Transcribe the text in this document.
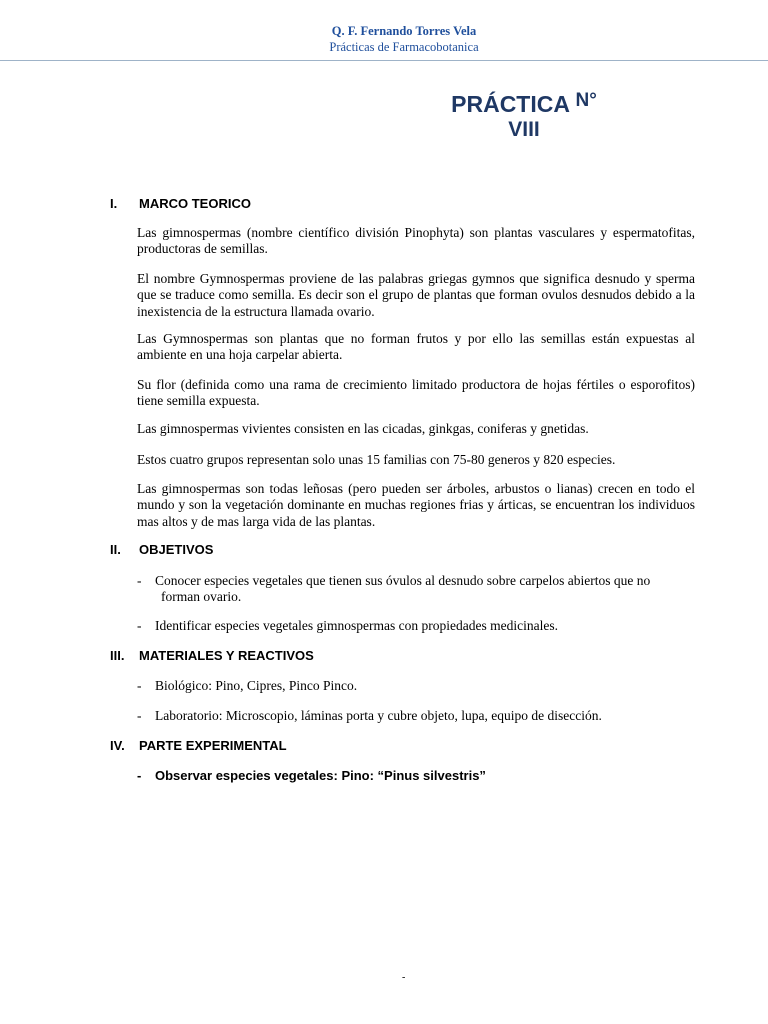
Q. F. Fernando Torres Vela
Prácticas de Farmacobotanica
PRÁCTICA $^{N^\circ}$
VIII
I. MARCO TEORICO
Las gimnospermas (nombre científico división Pinophyta) son plantas vasculares y espermatofitas, productoras de semillas.
El nombre Gymnospermas proviene de las palabras griegas gymnos que significa desnudo y sperma que se traduce como semilla. Es decir son el grupo de plantas que forman ovulos desnudos debido a la inexistencia de la estructura llamada ovario.
Las Gymnospermas son plantas que no forman frutos y por ello las semillas están expuestas al ambiente en una hoja carpelar abierta.
Su flor (definida como una rama de crecimiento limitado productora de hojas fértiles o esporofitos) tiene semilla expuesta.
Las gimnospermas vivientes consisten en las cicadas, ginkgas, coniferas y gnetidas.
Estos cuatro grupos representan solo unas 15 familias con 75-80 generos y 820 especies.
Las gimnospermas son todas leñosas (pero pueden ser árboles, arbustos o lianas) crecen en todo el mundo y son la vegetación dominante en muchas regiones frias y árticas, se encuentran los individuos mas altos y de mas larga vida de las plantas.
II. OBJETIVOS
- Conocer especies vegetales que tienen sus óvulos al desnudo sobre carpelos abiertos que no
forman ovario.
- Identificar especies vegetales gimnospermas con propiedades medicinales.
III. MATERIALES Y REACTIVOS
- Biológico: Pino, Cipres, Pinco Pinco.
- Laboratorio: Microscopio, láminas porta y cubre objeto, lupa, equipo de disección.
IV. PARTE EXPERIMENTAL
- Observar especies vegetales: Pino: “Pinus silvestris”
-
